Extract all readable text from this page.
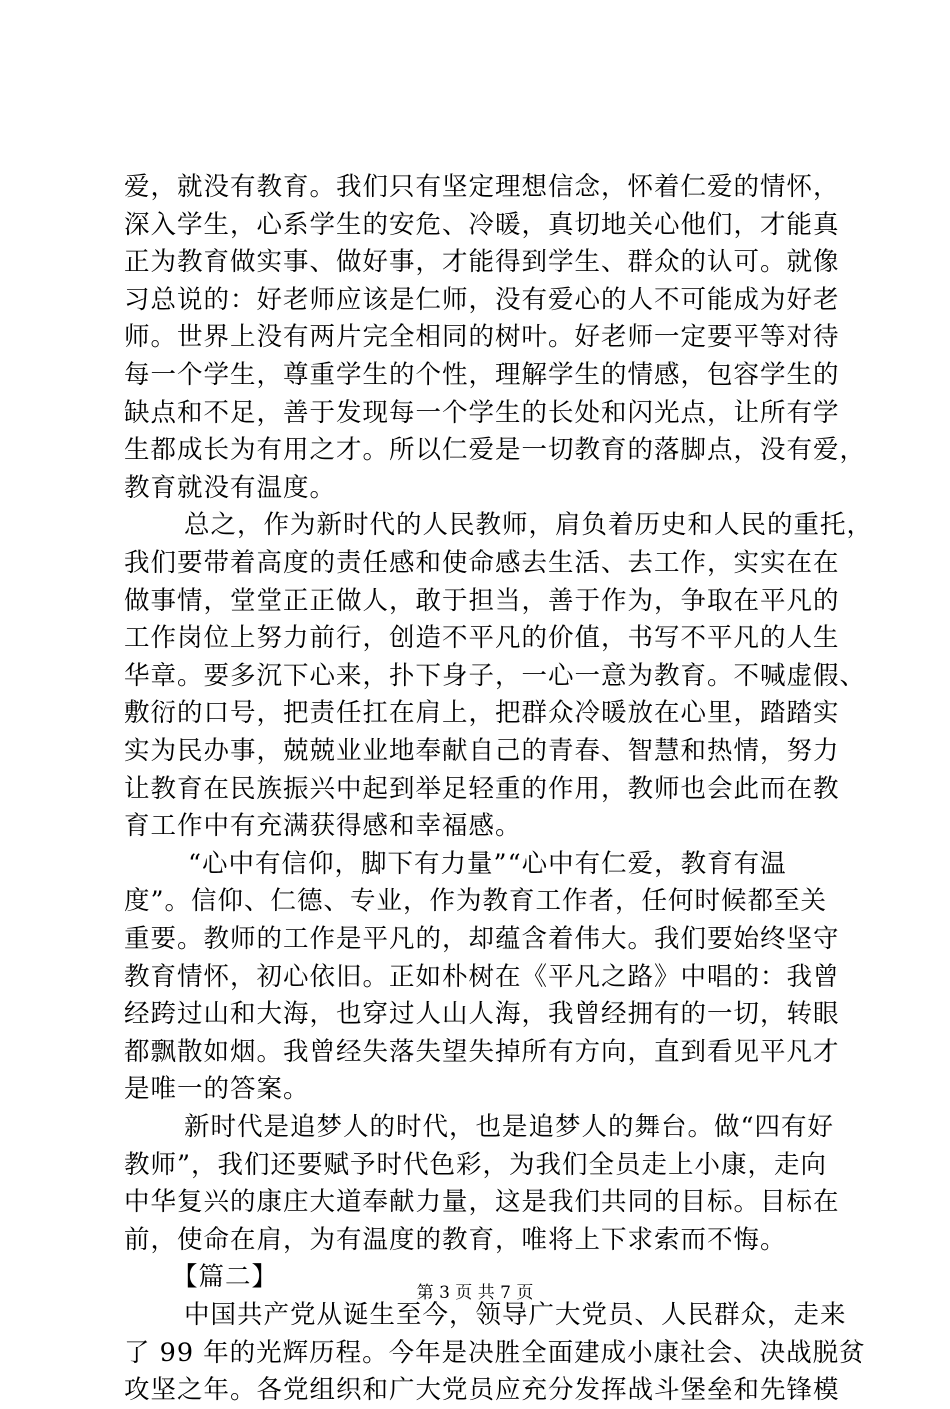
爱，就没有教育。我们只有坚定理想信念，怀着仁爱的情怀，
深入学生，心系学生的安危、冷暖，真切地关心他们，才能真
正为教育做实事、做好事，才能得到学生、群众的认可。就像
习总说的：好老师应该是仁师，没有爱心的人不可能成为好老
师。世界上没有两片完全相同的树叶。好老师一定要平等对待
每一个学生，尊重学生的个性，理解学生的情感，包容学生的
缺点和不足，善于发现每一个学生的长处和闪光点，让所有学
生都成长为有用之才。所以仁爱是一切教育的落脚点，没有爱，
教育就没有温度。
总之，作为新时代的人民教师，肩负着历史和人民的重托，
我们要带着高度的责任感和使命感去生活、去工作，实实在在
做事情，堂堂正正做人，敢于担当，善于作为，争取在平凡的
工作岗位上努力前行，创造不平凡的价值，书写不平凡的人生
华章。要多沉下心来，扑下身子，一心一意为教育。不喊虚假、
敷衍的口号，把责任扛在肩上，把群众冷暖放在心里，踏踏实
实为民办事，兢兢业业地奉献自己的青春、智慧和热情，努力
让教育在民族振兴中起到举足轻重的作用，教师也会此而在教
育工作中有充满获得感和幸福感。
“心中有信仰，脚下有力量”“心中有仁爱，教育有温
度”。信仰、仁德、专业，作为教育工作者，任何时候都至关
重要。教师的工作是平凡的，却蕴含着伟大。我们要始终坚守
教育情怀，初心依旧。正如朴树在《平凡之路》中唱的：我曾
经跨过山和大海，也穿过人山人海，我曾经拥有的一切，转眼
都飘散如烟。我曾经失落失望失掉所有方向，直到看见平凡才
是唯一的答案。
新时代是追梦人的时代，也是追梦人的舞台。做“四有好
教师”，我们还要赋予时代色彩，为我们全员走上小康，走向
中华复兴的康庄大道奉献力量，这是我们共同的目标。目标在
前，使命在肩，为有温度的教育，唯将上下求索而不悔。
【篇二】
中国共产党从诞生至今，领导广大党员、人民群众，走来
了 99 年的光辉历程。今年是决胜全面建成小康社会、决战脱贫
攻坚之年。各党组织和广大党员应充分发挥战斗堡垒和先锋模
第 3 页 共 7 页
